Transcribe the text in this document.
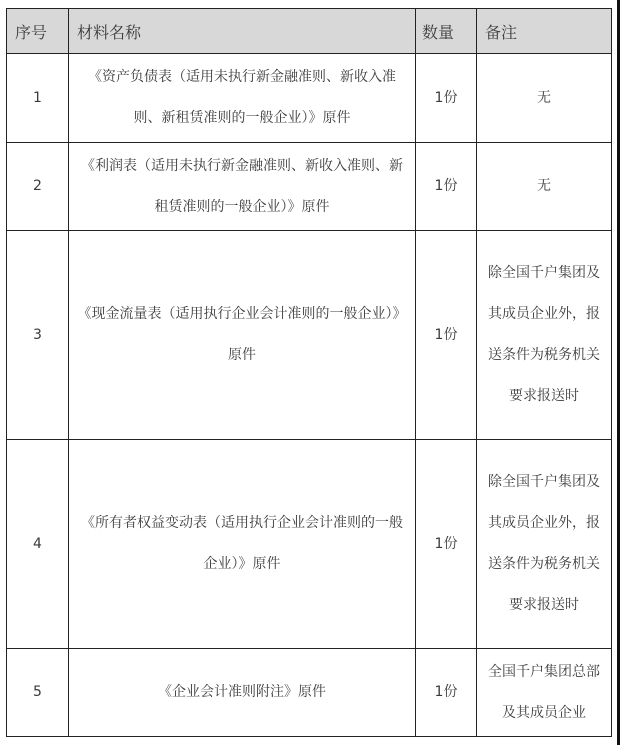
序号	材料名称	数量	备注
1	《资产负债表（适用未执行新金融准则、新收入准则、新租赁准则的一般企业）》原件	1份	无
2	《利润表（适用未执行新金融准则、新收入准则、新租赁准则的一般企业）》原件	1份	无
3	《现金流量表（适用执行企业会计准则的一般企业）》原件	1份	除全国千户集团及其成员企业外，报送条件为税务机关要求报送时
4	《所有者权益变动表（适用执行企业会计准则的一般企业）》原件	1份	除全国千户集团及其成员企业外，报送条件为税务机关要求报送时
5	《企业会计准则附注》原件	1份	全国千户集团总部及其成员企业
